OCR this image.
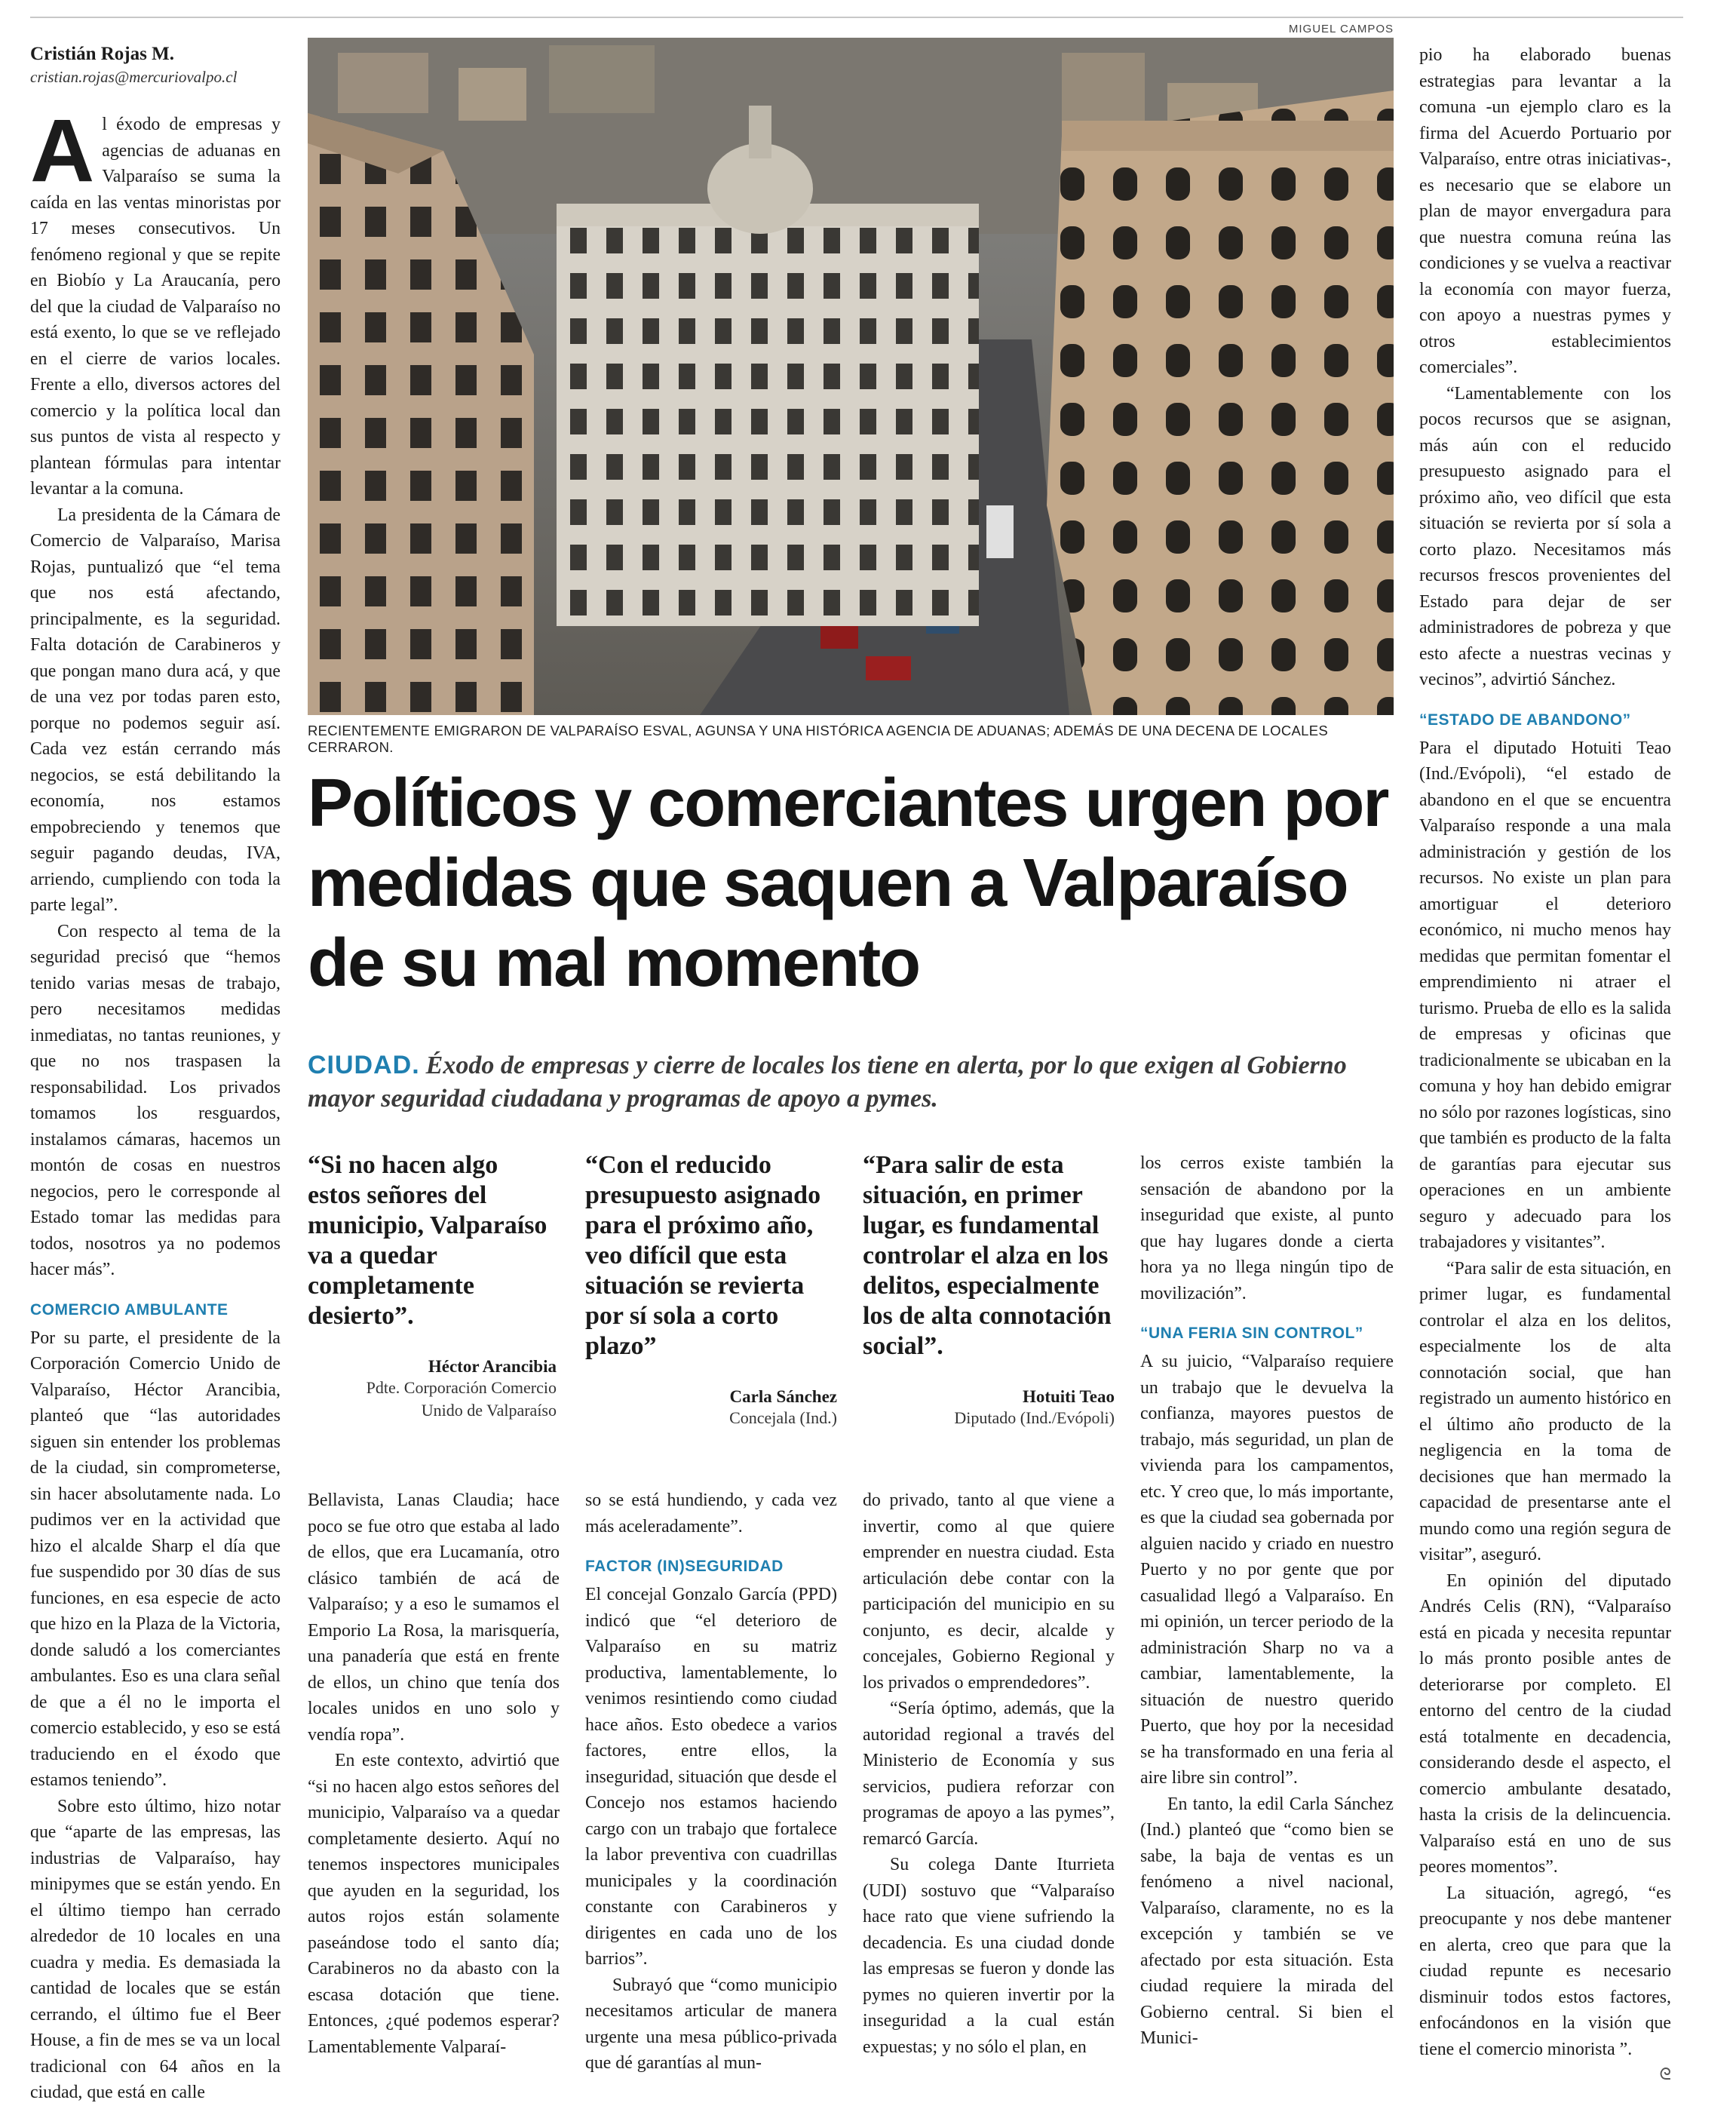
Cristián Rojas M.
cristian.rojas@mercuriovalpo.cl

Al éxodo de empresas y agencias de aduanas en Valparaíso se suma la caída en las ventas minoristas por 17 meses consecutivos. Un fenómeno regional y que se repite en Biobío y La Araucanía, pero del que la ciudad de Valparaíso no está exento, lo que se ve reflejado en el cierre de varios locales. Frente a ello, diversos actores del comercio y la política local dan sus puntos de vista al respecto y plantean fórmulas para intentar levantar a la comuna.

La presidenta de la Cámara de Comercio de Valparaíso, Marisa Rojas, puntualizó que “el tema que nos está afectando, principalmente, es la seguridad. Falta dotación de Carabineros y que pongan mano dura acá, y que de una vez por todas paren esto, porque no podemos seguir así. Cada vez están cerrando más negocios, se está debilitando la economía, nos estamos empobreciendo y tenemos que seguir pagando deudas, IVA, arriendo, cumpliendo con toda la parte legal”.

Con respecto al tema de la seguridad precisó que “hemos tenido varias mesas de trabajo, pero necesitamos medidas inmediatas, no tantas reuniones, y que no nos traspasen la responsabilidad. Los privados tomamos los resguardos, instalamos cámaras, hacemos un montón de cosas en nuestros negocios, pero le corresponde al Estado tomar las medidas para todos, nosotros ya no podemos hacer más”.

COMERCIO AMBULANTE

Por su parte, el presidente de la Corporación Comercio Unido de Valparaíso, Héctor Arancibia, planteó que “las autoridades siguen sin entender los problemas de la ciudad, sin comprometerse, sin hacer absolutamente nada. Lo pudimos ver en la actividad que hizo el alcalde Sharp el día que fue suspendido por 30 días de sus funciones, en esa especie de acto que hizo en la Plaza de la Victoria, donde saludó a los comerciantes ambulantes. Eso es una clara señal de que a él no le importa el comercio establecido, y eso se está traduciendo en el éxodo que estamos teniendo”.

Sobre esto último, hizo notar que “aparte de las empresas, las industrias de Valparaíso, hay minipymes que se están yendo. En el último tiempo han cerrado alrededor de 10 locales en una cuadra y media. Es demasiada la cantidad de locales que se están cerrando, el último fue el Beer House, a fin de mes se va un local tradicional con 64 años en la ciudad, que está en calle

MIGUEL CAMPOS
RECIENTEMENTE EMIGRARON DE VALPARAÍSO ESVAL, AGUNSA Y UNA HISTÓRICA AGENCIA DE ADUANAS; ADEMÁS DE UNA DECENA DE LOCALES CERRARON.
Políticos y comerciantes urgen por medidas que saquen a Valparaíso de su mal momento
CIUDAD. Éxodo de empresas y cierre de locales los tiene en alerta, por lo que exigen al Gobierno mayor seguridad ciudadana y programas de apoyo a pymes.
“Si no hacen algo estos señores del municipio, Valparaíso va a quedar completamente desierto”.
Héctor Arancibia
Pdte. Corporación Comercio Unido de Valparaíso
“Con el reducido presupuesto asignado para el próximo año, veo difícil que esta situación se revierta por sí sola a corto plazo”
Carla Sánchez
Concejala (Ind.)
“Para salir de esta situación, en primer lugar, es fundamental controlar el alza en los delitos, especialmente los de alta connotación social”.
Hotuiti Teao
Diputado (Ind./Evópoli)

Bellavista, Lanas Claudia; hace poco se fue otro que estaba al lado de ellos, que era Lucamanía, otro clásico también de acá de Valparaíso; y a eso le sumamos el Emporio La Rosa, la marisquería, una panadería que está en frente de ellos, un chino que tenía dos locales unidos en uno solo y vendía ropa”.

En este contexto, advirtió que “si no hacen algo estos señores del municipio, Valparaíso va a quedar completamente desierto. Aquí no tenemos inspectores municipales que ayuden en la seguridad, los autos rojos están solamente paseándose todo el santo día; Carabineros no da abasto con la escasa dotación que tiene. Entonces, ¿qué podemos esperar? Lamentablemente Valparaí-

so se está hundiendo, y cada vez más aceleradamente”.

FACTOR (IN)SEGURIDAD

El concejal Gonzalo García (PPD) indicó que “el deterioro de Valparaíso en su matriz productiva, lamentablemente, lo venimos resintiendo como ciudad hace años. Esto obedece a varios factores, entre ellos, la inseguridad, situación que desde el Concejo nos estamos haciendo cargo con un trabajo que fortalece la labor preventiva con cuadrillas municipales y la coordinación constante con Carabineros y dirigentes en cada uno de los barrios”.

Subrayó que “como municipio necesitamos articular de manera urgente una mesa público-privada que dé garantías al mun-

do privado, tanto al que viene a invertir, como al que quiere emprender en nuestra ciudad. Esta articulación debe contar con la participación del municipio en su conjunto, es decir, alcalde y concejales, Gobierno Regional y los privados o emprendedores”.

“Sería óptimo, además, que la autoridad regional a través del Ministerio de Economía y sus servicios, pudiera reforzar con programas de apoyo a las pymes”, remarcó García.

Su colega Dante Iturrieta (UDI) sostuvo que “Valparaíso hace rato que viene sufriendo la decadencia. Es una ciudad donde las empresas se fueron y donde las pymes no quieren invertir por la inseguridad a la cual están expuestas; y no sólo el plan, en

los cerros existe también la sensación de abandono por la inseguridad que existe, al punto que hay lugares donde a cierta hora ya no llega ningún tipo de movilización”.

“UNA FERIA SIN CONTROL”

A su juicio, “Valparaíso requiere un trabajo que le devuelva la confianza, mayores puestos de trabajo, más seguridad, un plan de vivienda para los campamentos, etc. Y creo que, lo más importante, es que la ciudad sea gobernada por alguien nacido y criado en nuestro Puerto y no por gente que por casualidad llegó a Valparaíso. En mi opinión, un tercer periodo de la administración Sharp no va a cambiar, lamentablemente, la situación de nuestro querido Puerto, que hoy por la necesidad se ha transformado en una feria al aire libre sin control”.

En tanto, la edil Carla Sánchez (Ind.) planteó que “como bien se sabe, la baja de ventas es un fenómeno a nivel nacional, Valparaíso, claramente, no es la excepción y también se ve afectado por esta situación. Esta ciudad requiere la mirada del Gobierno central. Si bien el Munici-

pio ha elaborado buenas estrategias para levantar a la comuna -un ejemplo claro es la firma del Acuerdo Portuario por Valparaíso, entre otras iniciativas-, es necesario que se elabore un plan de mayor envergadura para que nuestra comuna reúna las condiciones y se vuelva a reactivar la economía con mayor fuerza, con apoyo a nuestras pymes y otros establecimientos comerciales”.

“Lamentablemente con los pocos recursos que se asignan, más aún con el reducido presupuesto asignado para el próximo año, veo difícil que esta situación se revierta por sí sola a corto plazo. Necesitamos más recursos frescos provenientes del Estado para dejar de ser administradores de pobreza y que esto afecte a nuestras vecinas y vecinos”, advirtió Sánchez.

“ESTADO DE ABANDONO”

Para el diputado Hotuiti Teao (Ind./Evópoli), “el estado de abandono en el que se encuentra Valparaíso responde a una mala administración y gestión de los recursos. No existe un plan para amortiguar el deterioro económico, ni mucho menos hay medidas que permitan fomentar el emprendimiento ni atraer el turismo. Prueba de ello es la salida de empresas y oficinas que tradicionalmente se ubicaban en la comuna y hoy han debido emigrar no sólo por razones logísticas, sino que también es producto de la falta de garantías para ejecutar sus operaciones en un ambiente seguro y adecuado para los trabajadores y visitantes”.

“Para salir de esta situación, en primer lugar, es fundamental controlar el alza en los delitos, especialmente los de alta connotación social, que han registrado un aumento histórico en el último año producto de la negligencia en la toma de decisiones que han mermado la capacidad de presentarse ante el mundo como una región segura de visitar”, aseguró.

En opinión del diputado Andrés Celis (RN), “Valparaíso está en picada y necesita repuntar lo más pronto posible antes de deteriorarse por completo. El entorno del centro de la ciudad está totalmente en decadencia, considerando desde el aspecto, el comercio ambulante desatado, hasta la crisis de la delincuencia. Valparaíso está en uno de sus peores momentos”.

La situación, agregó, “es preocupante y nos debe mantener en alerta, creo que para que la ciudad repunte es necesario disminuir todos estos factores, enfocándonos en la visión que tiene el comercio minorista ”.

ᘓ
